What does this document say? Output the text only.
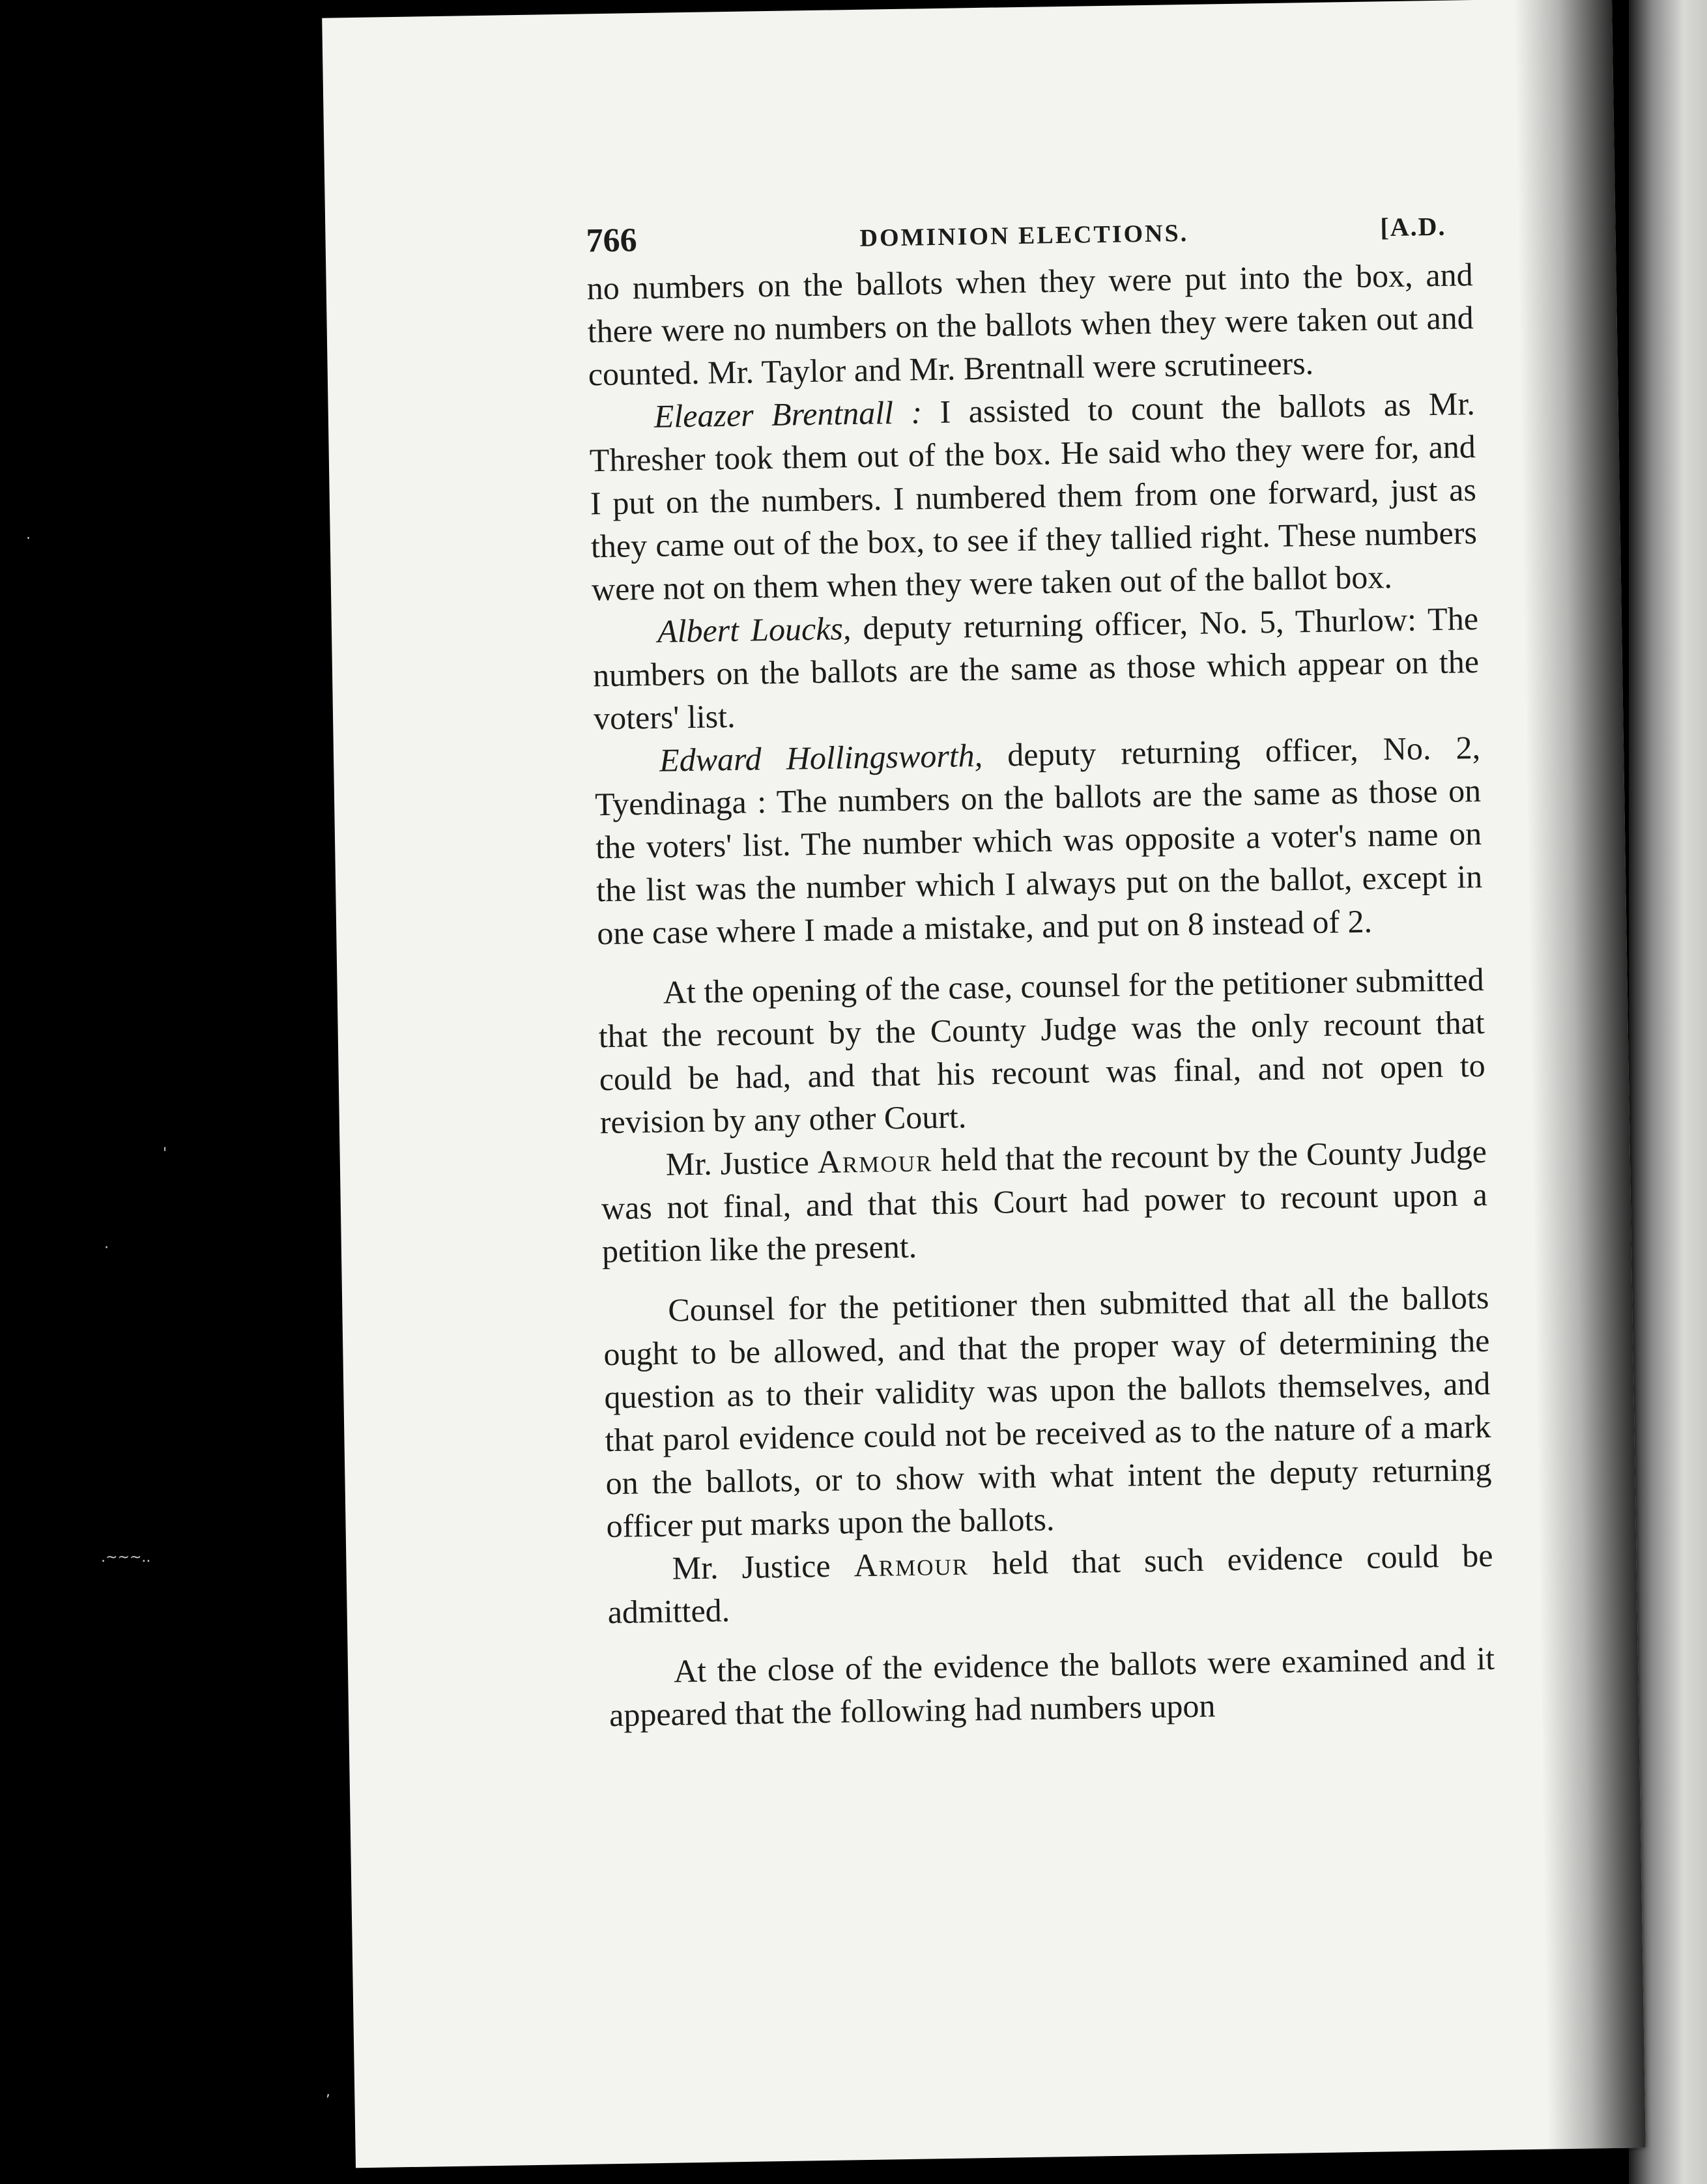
.
'
·
.~~~..
,
766	DOMINION ELECTIONS.	[A.D.

no numbers on the ballots when they were put into the box, and there were no numbers on the ballots when they were taken out and counted. Mr. Taylor and Mr. Brentnall were scrutineers.

Eleazer Brentnall : I assisted to count the ballots as Mr. Thresher took them out of the box. He said who they were for, and I put on the numbers. I numbered them from one forward, just as they came out of the box, to see if they tallied right. These numbers were not on them when they were taken out of the ballot box.

Albert Loucks, deputy returning officer, No. 5, Thurlow: The numbers on the ballots are the same as those which appear on the voters' list.

Edward Hollingsworth, deputy returning officer, No. 2, Tyendinaga : The numbers on the ballots are the same as those on the voters' list. The number which was opposite a voter's name on the list was the number which I always put on the ballot, except in one case where I made a mistake, and put on 8 instead of 2.

At the opening of the case, counsel for the petitioner submitted that the recount by the County Judge was the only recount that could be had, and that his recount was final, and not open to revision by any other Court.

Mr. Justice Armour held that the recount by the County Judge was not final, and that this Court had power to recount upon a petition like the present.

Counsel for the petitioner then submitted that all the ballots ought to be allowed, and that the proper way of determining the question as to their validity was upon the ballots themselves, and that parol evidence could not be received as to the nature of a mark on the ballots, or to show with what intent the deputy returning officer put marks upon the ballots.

Mr. Justice Armour held that such evidence could be admitted.

At the close of the evidence the ballots were examined and it appeared that the following had numbers upon
